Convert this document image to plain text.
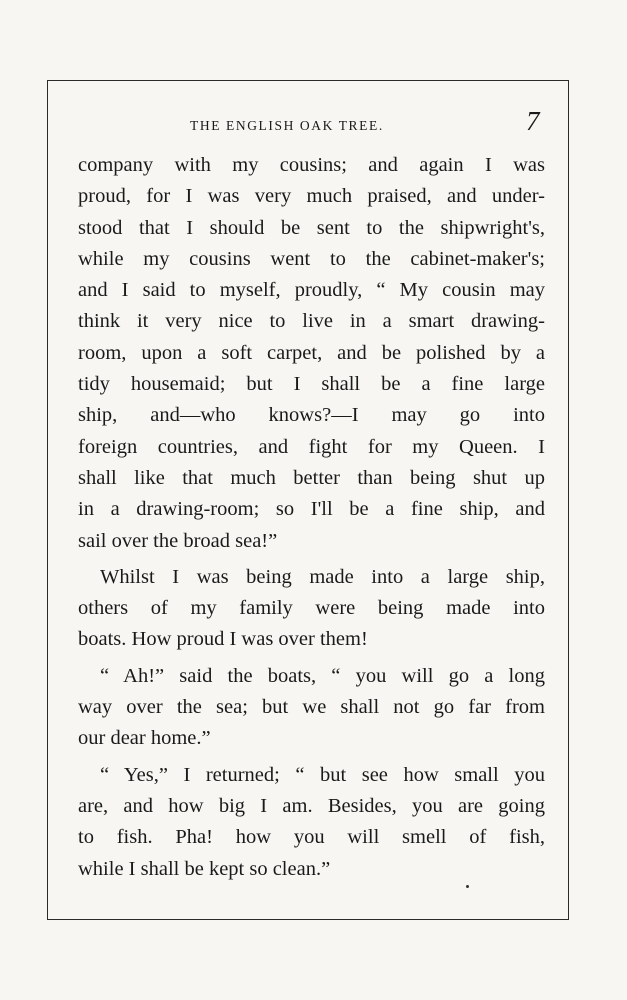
THE ENGLISH OAK TREE.	7
company with my cousins; and again I was
proud, for I was very much praised, and under-
stood that I should be sent to the shipwright's,
while my cousins went to the cabinet-maker's;
and I said to myself, proudly, “ My cousin may
think it very nice to live in a smart drawing-
room, upon a soft carpet, and be polished by a
tidy housemaid; but I shall be a fine large
ship, and—who knows?—I may go into
foreign countries, and fight for my Queen. I
shall like that much better than being shut up
in a drawing-room; so I'll be a fine ship, and
sail over the broad sea!”
Whilst I was being made into a large ship,
others of my family were being made into
boats. How proud I was over them!
“ Ah!” said the boats, “ you will go a long
way over the sea; but we shall not go far from
our dear home.”
“ Yes,” I returned; “ but see how small you
are, and how big I am. Besides, you are going
to fish. Pha! how you will smell of fish,
while I shall be kept so clean.”
